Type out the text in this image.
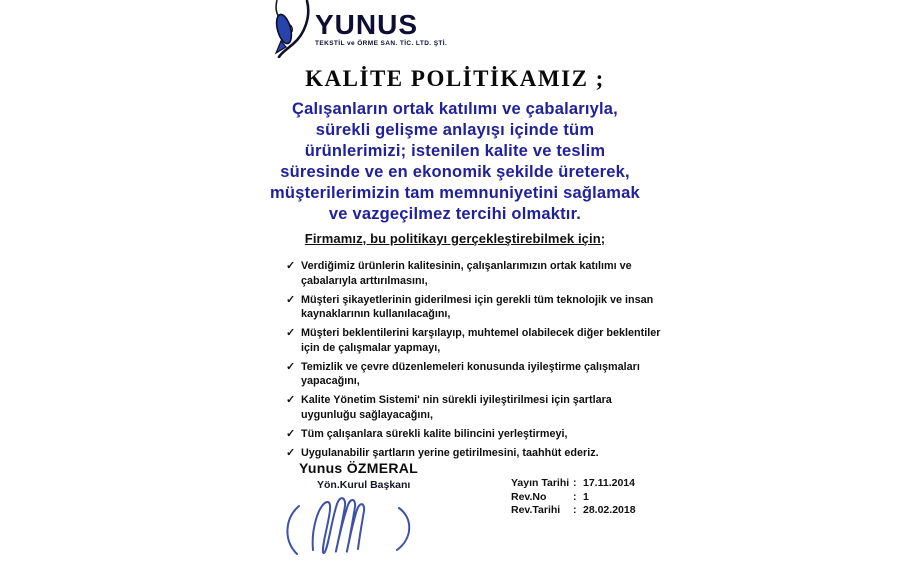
YUNUS
TEKSTİL ve ÖRME SAN. TİC. LTD. ŞTİ.
KALİTE POLİTİKAMIZ ;
Çalışanların ortak katılımı ve çabalarıyla,
sürekli gelişme anlayışı içinde tüm
ürünlerimizi; istenilen kalite ve teslim
süresinde ve en ekonomik şekilde üreterek,
müşterilerimizin tam memnuniyetini sağlamak
ve vazgeçilmez tercihi olmaktır.
Firmamız, bu politikayı gerçekleştirebilmek için;
✓ Verdiğimiz ürünlerin kalitesinin, çalışanlarımızın ortak katılımı ve çabalarıyla arttırılmasını,
✓ Müşteri şikayetlerinin giderilmesi için gerekli tüm teknolojik ve insan kaynaklarının kullanılacağını,
✓ Müşteri beklentilerini karşılayıp, muhtemel olabilecek diğer beklentiler için de çalışmalar yapmayı,
✓ Temizlik ve çevre düzenlemeleri konusunda iyileştirme çalışmaları yapacağını,
✓ Kalite Yönetim Sistemi' nin sürekli iyileştirilmesi için şartlara uygunluğu sağlayacağını,
✓ Tüm çalışanlara sürekli kalite bilincini yerleştirmeyi,
✓ Uygulanabilir şartların yerine getirilmesini, taahhüt ederiz.
Yunus ÖZMERAL
Yön.Kurul Başkanı	Yayın Tarihi : 17.11.2014
Rev.No	: 1
Rev.Tarihi	: 28.02.2018
